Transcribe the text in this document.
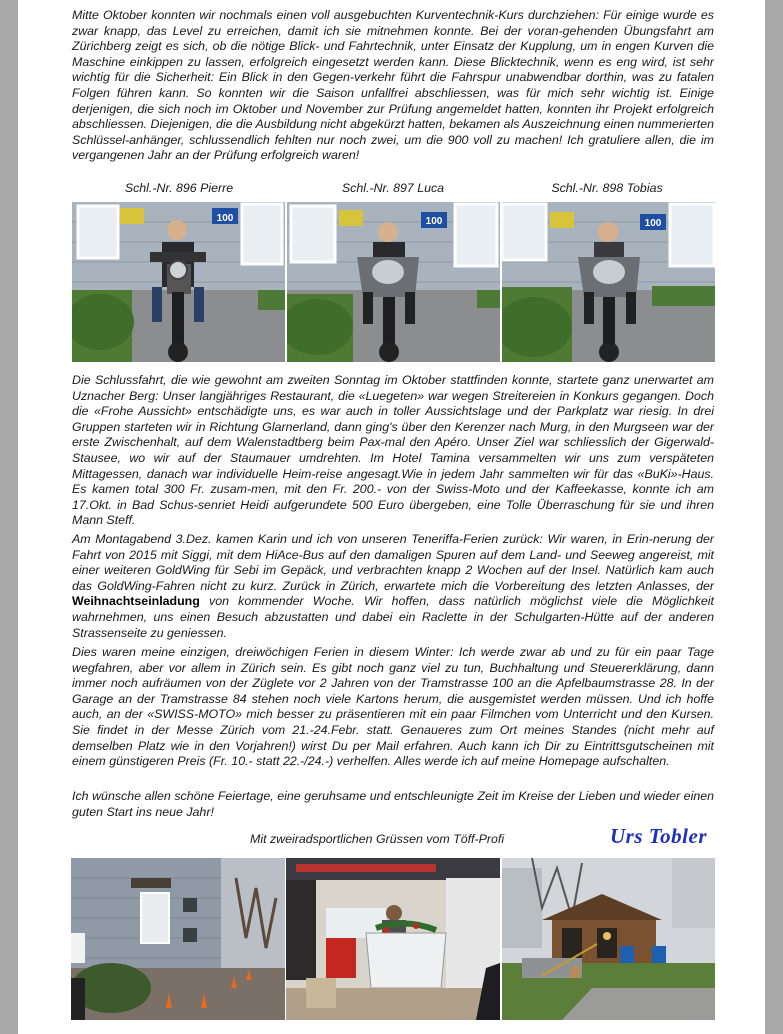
Mitte Oktober konnten wir nochmals einen voll ausgebuchten Kurventechnik-Kurs durchziehen: Für einige wurde es zwar knapp, das Level zu erreichen, damit ich sie mitnehmen konnte. Bei der voran-gehenden Übungsfahrt am Zürichberg zeigt es sich, ob die nötige Blick- und Fahrtechnik, unter Einsatz der Kupplung, um in engen Kurven die Maschine einkippen zu lassen, erfolgreich eingesetzt werden kann. Diese Blicktechnik, wenn es eng wird, ist sehr wichtig für die Sicherheit: Ein Blick in den Gegen-verkehr führt die Fahrspur unabwendbar dorthin, was zu fatalen Folgen führen kann. So konnten wir die Saison unfallfrei abschliessen, was für mich sehr wichtig ist. Einige derjenigen, die sich noch im Oktober und November zur Prüfung angemeldet hatten, konnten ihr Projekt erfolgreich abschliessen. Diejenigen, die die Ausbildung nicht abgekürzt hatten, bekamen als Auszeichnung einen nummerierten Schlüssel-anhänger, schlussendlich fehlten nur noch zwei, um die 900 voll zu machen! Ich gratuliere allen, die im vergangenen Jahr an der Prüfung erfolgreich waren!

Schl.-Nr. 896 Pierre	Schl.-Nr. 897 Luca	Schl.-Nr. 898 Tobias
100	100	100

Die Schlussfahrt, die wie gewohnt am zweiten Sonntag im Oktober stattfinden konnte, startete ganz unerwartet am Uznacher Berg: Unser langjähriges Restaurant, die «Luegeten» war wegen Streitereien in Konkurs gegangen. Doch die «Frohe Aussicht» entschädigte uns, es war auch in toller Aussichtslage und der Parkplatz war riesig. In drei Gruppen starteten wir in Richtung Glarnerland, dann ging's über den Kerenzer nach Murg, in den Murgseen war der erste Zwischenhalt, auf dem Walenstadtberg beim Pax-mal den Apéro. Unser Ziel war schliesslich der Gigerwald-Stausee, wo wir auf der Staumauer umdrehten. Im Hotel Tamina versammelten wir uns zum verspäteten Mittagessen, danach war individuelle Heim-reise angesagt.Wie in jedem Jahr sammelten wir für das «BuKi»-Haus. Es kamen total 300 Fr. zusam-men, mit den Fr. 200.- von der Swiss-Moto und der Kaffeekasse, konnte ich am 17.Okt. in Bad Schus-senriet Heidi aufgerundete 500 Euro übergeben, eine Tolle Überraschung für sie und ihren Mann Steff.

Am Montagabend 3.Dez. kamen Karin und ich von unseren Teneriffa-Ferien zurück: Wir waren, in Erin-nerung der Fahrt von 2015 mit Siggi, mit dem HiAce-Bus auf den damaligen Spuren auf dem Land- und Seeweg angereist, mit einer weiteren GoldWing für Sebi im Gepäck, und verbrachten knapp 2 Wochen auf der Insel. Natürlich kam auch das GoldWing-Fahren nicht zu kurz. Zurück in Zürich, erwartete mich die Vorbereitung des letzten Anlasses, der Weihnachtseinladung von kommender Woche. Wir hoffen, dass natürlich möglichst viele die Möglichkeit wahrnehmen, uns einen Besuch abzustatten und dabei ein Raclette in der Schulgarten-Hütte auf der anderen Strassenseite zu geniessen.

Dies waren meine einzigen, dreiwöchigen Ferien in diesem Winter: Ich werde zwar ab und zu für ein paar Tage wegfahren, aber vor allem in Zürich sein. Es gibt noch ganz viel zu tun, Buchhaltung und Steuererklärung, dann immer noch aufräumen von der Züglete vor 2 Jahren von der Tramstrasse 100 an die Apfelbaumstrasse 28. In der Garage an der Tramstrasse 84 stehen noch viele Kartons herum, die ausgemistet werden müssen. Und ich hoffe auch, an der «SWISS-MOTO» mich besser zu präsentieren mit ein paar Filmchen vom Unterricht und den Kursen. Sie findet in der Messe Zürich vom 21.-24.Febr. statt. Genaueres zum Ort meines Standes (nicht mehr auf demselben Platz wie in den Vorjahren!) wirst Du per Mail erfahren. Auch kann ich Dir zu Eintrittsgutscheinen mit einem günstigeren Preis (Fr. 10.- statt 22.-/24.-) verhelfen. Alles werde ich auf meine Homepage aufschalten.

Ich wünsche allen schöne Feiertage, eine geruhsame und entschleunigte Zeit im Kreise der Lieben und wieder einen guten Start ins neue Jahr!

Mit zweiradsportlichen Grüssen vom Töff-Profi	Urs Tobler
